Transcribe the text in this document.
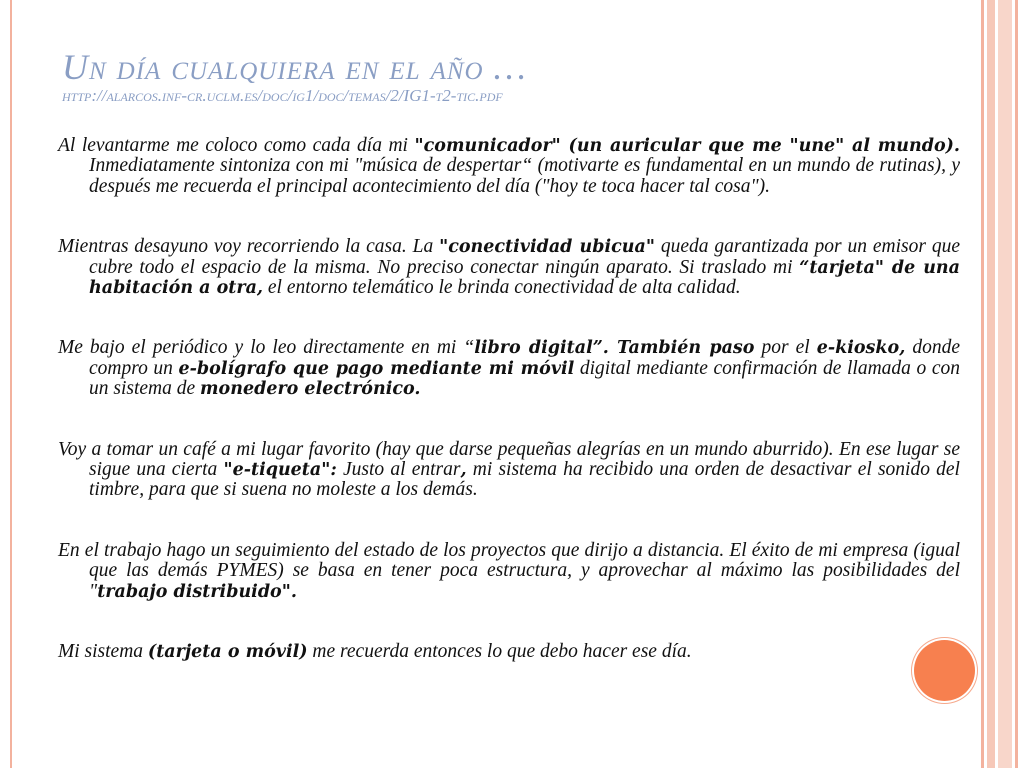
Un día cualquiera en el año …
http://alarcos.inf-cr.uclm.es/doc/ig1/doc/temas/2/IG1-t2-tic.pdf

Al levantarme me coloco como cada día mi "comunicador" (un auricular que me "une" al mundo). Inmediatamente sintoniza con mi "música de despertar“ (motivarte es fundamental en un mundo de rutinas), y después me recuerda el principal acontecimiento del día ("hoy te toca hacer tal cosa").

Mientras desayuno voy recorriendo la casa. La "conectividad ubicua" queda garantizada por un emisor que cubre todo el espacio de la misma. No preciso conectar ningún aparato. Si traslado mi “tarjeta" de una habitación a otra, el entorno telemático le brinda conectividad de alta calidad.

Me bajo el periódico y lo leo directamente en mi “libro digital”. También paso por el e-kiosko, donde compro un e-bolígrafo que pago mediante mi móvil digital mediante confirmación de llamada o con un sistema de monedero electrónico.

Voy a tomar un café a mi lugar favorito (hay que darse pequeñas alegrías en un mundo aburrido). En ese lugar se sigue una cierta "e-tiqueta": Justo al entrar, mi sistema ha recibido una orden de desactivar el sonido del timbre, para que si suena no moleste a los demás.

En el trabajo hago un seguimiento del estado de los proyectos que dirijo a distancia. El éxito de mi empresa (igual que las demás PYMES) se basa en tener poca estructura, y aprovechar al máximo las posibilidades del "trabajo distribuido".

Mi sistema (tarjeta o móvil) me recuerda entonces lo que debo hacer ese día.
